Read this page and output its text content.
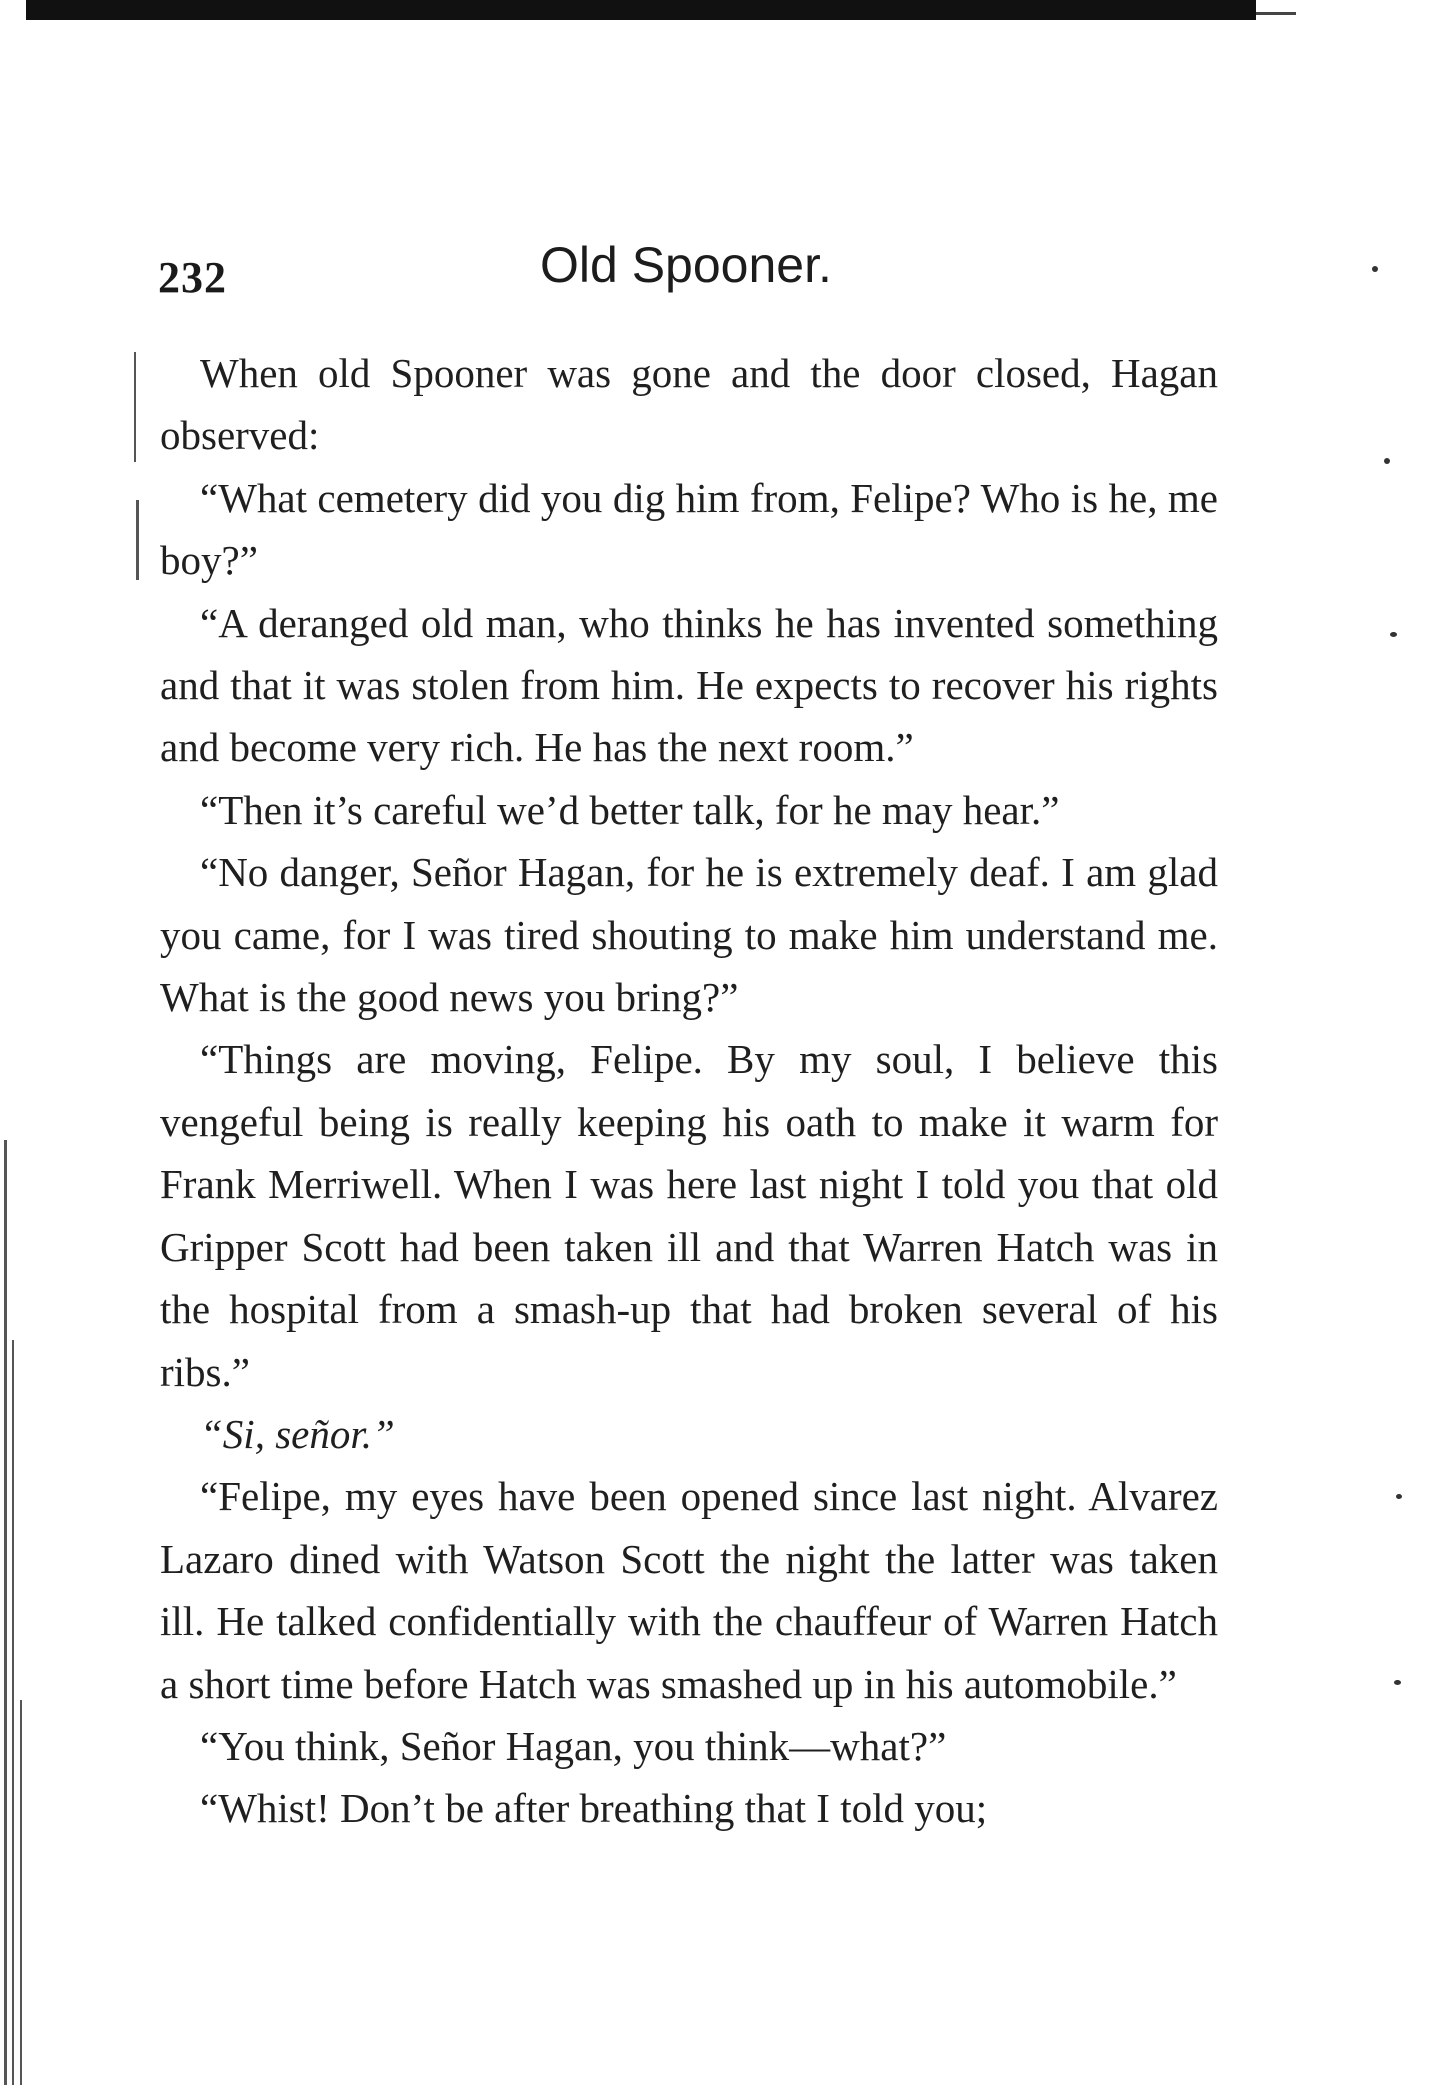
232	Old Spooner.

When old Spooner was gone and the door closed, Hagan observed:

“What cemetery did you dig him from, Felipe? Who is he, me boy?”

“A deranged old man, who thinks he has invented something and that it was stolen from him. He expects to recover his rights and become very rich. He has the next room.”

“Then it’s careful we’d better talk, for he may hear.”

“No danger, Señor Hagan, for he is extremely deaf. I am glad you came, for I was tired shouting to make him understand me. What is the good news you bring?”

“Things are moving, Felipe. By my soul, I believe this vengeful being is really keeping his oath to make it warm for Frank Merriwell. When I was here last night I told you that old Gripper Scott had been taken ill and that Warren Hatch was in the hospital from a smash-up that had broken several of his ribs.”

“Si, señor.”

“Felipe, my eyes have been opened since last night. Alvarez Lazaro dined with Watson Scott the night the latter was taken ill. He talked confidentially with the chauffeur of Warren Hatch a short time before Hatch was smashed up in his automobile.”

“You think, Señor Hagan, you think—what?”

“Whist! Don’t be after breathing that I told you;
